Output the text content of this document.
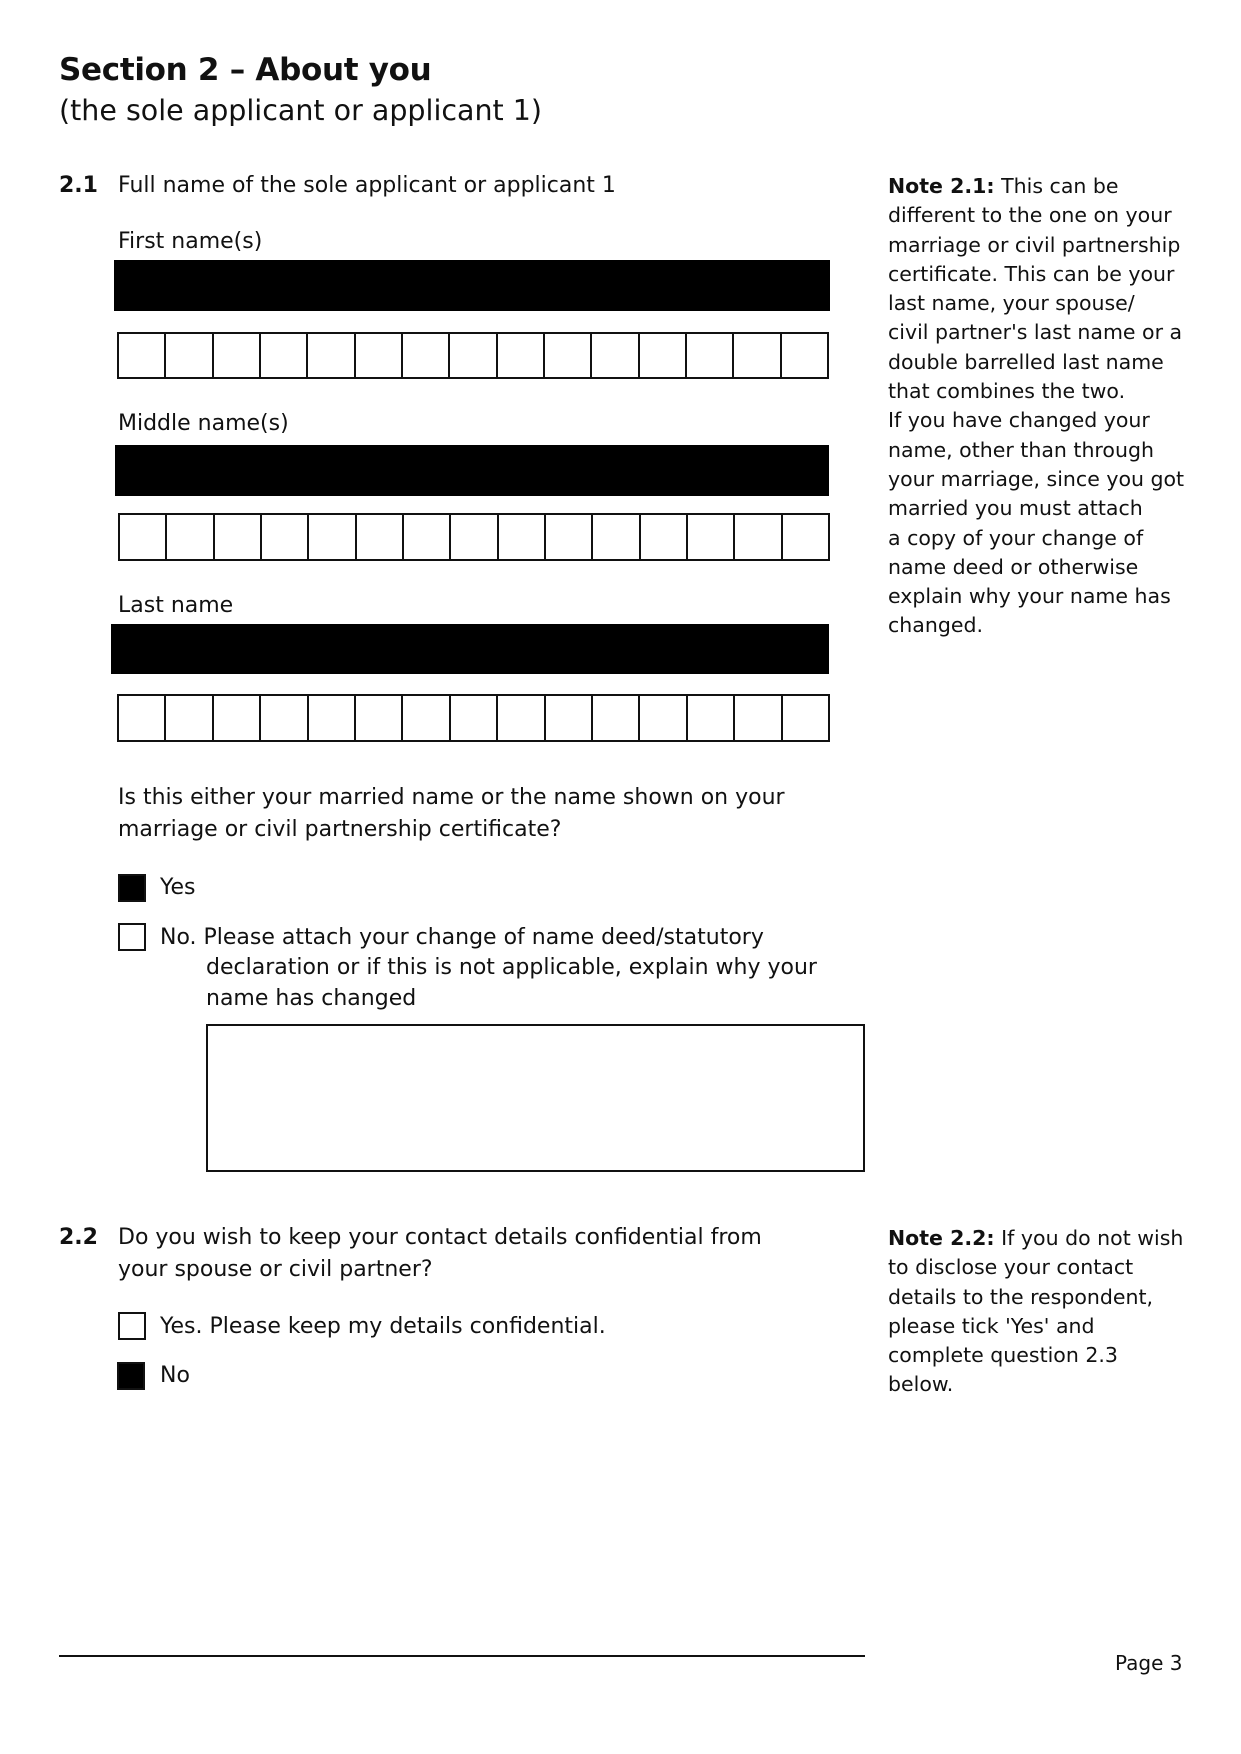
Section 2 – About you
(the sole applicant or applicant 1)
2.1 Full name of the sole applicant or applicant 1
First name(s)
Middle name(s)
Last name
Is this either your married name or the name shown on your
marriage or civil partnership certificate?
Yes
No. Please attach your change of name deed/statutory
declaration or if this is not applicable, explain why your
name has changed
Note 2.1: This can be
different to the one on your
marriage or civil partnership
certificate. This can be your
last name, your spouse/
civil partner's last name or a
double barrelled last name
that combines the two.
If you have changed your
name, other than through
your marriage, since you got
married you must attach
a copy of your change of
name deed or otherwise
explain why your name has
changed.
2.2 Do you wish to keep your contact details confidential from
your spouse or civil partner?
Yes. Please keep my details confidential.
No
Note 2.2: If you do not wish
to disclose your contact
details to the respondent,
please tick 'Yes' and
complete question 2.3
below.
Page 3
